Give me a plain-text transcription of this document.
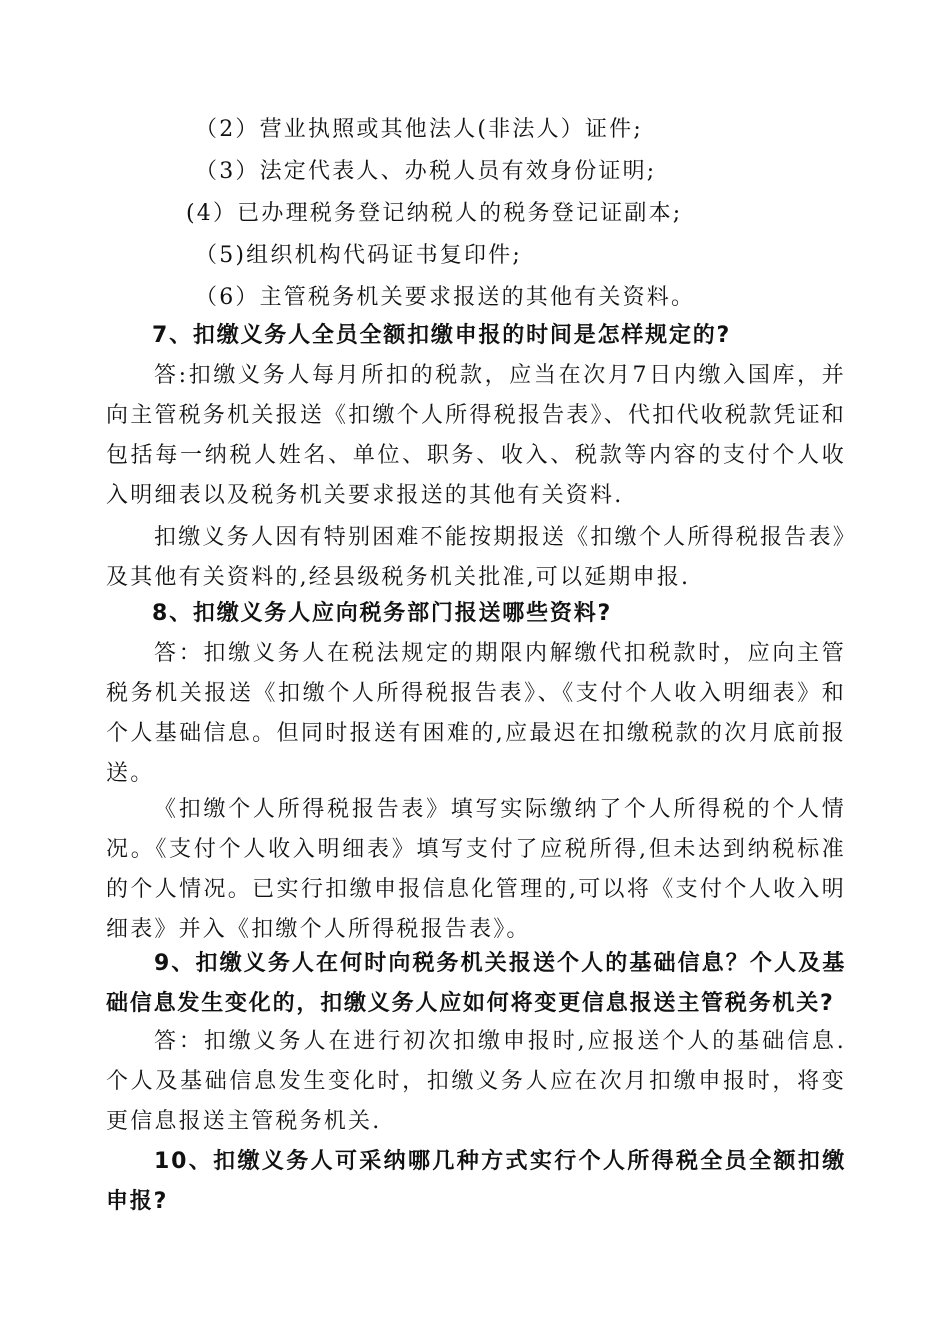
（2）营业执照或其他法人(非法人）证件;

（3）法定代表人、办税人员有效身份证明;

(4）已办理税务登记纳税人的税务登记证副本;

（5)组织机构代码证书复印件;

（6）主管税务机关要求报送的其他有关资料。

7、扣缴义务人全员全额扣缴申报的时间是怎样规定的?

答:扣缴义务人每月所扣的税款，应当在次月7日内缴入国库，并向主管税务机关报送《扣缴个人所得税报告表》、代扣代收税款凭证和包括每一纳税人姓名、单位、职务、收入、税款等内容的支付个人收入明细表以及税务机关要求报送的其他有关资料.

扣缴义务人因有特别困难不能按期报送《扣缴个人所得税报告表》及其他有关资料的,经县级税务机关批准,可以延期申报.

8、扣缴义务人应向税务部门报送哪些资料?

答：扣缴义务人在税法规定的期限内解缴代扣税款时，应向主管税务机关报送《扣缴个人所得税报告表》、《支付个人收入明细表》和个人基础信息。但同时报送有困难的,应最迟在扣缴税款的次月底前报送。

《扣缴个人所得税报告表》填写实际缴纳了个人所得税的个人情况。《支付个人收入明细表》填写支付了应税所得,但未达到纳税标准的个人情况。已实行扣缴申报信息化管理的,可以将《支付个人收入明细表》并入《扣缴个人所得税报告表》。

9、扣缴义务人在何时向税务机关报送个人的基础信息？个人及基础信息发生变化的，扣缴义务人应如何将变更信息报送主管税务机关?

答：扣缴义务人在进行初次扣缴申报时,应报送个人的基础信息.个人及基础信息发生变化时，扣缴义务人应在次月扣缴申报时，将变更信息报送主管税务机关.

10、扣缴义务人可采纳哪几种方式实行个人所得税全员全额扣缴申报?
